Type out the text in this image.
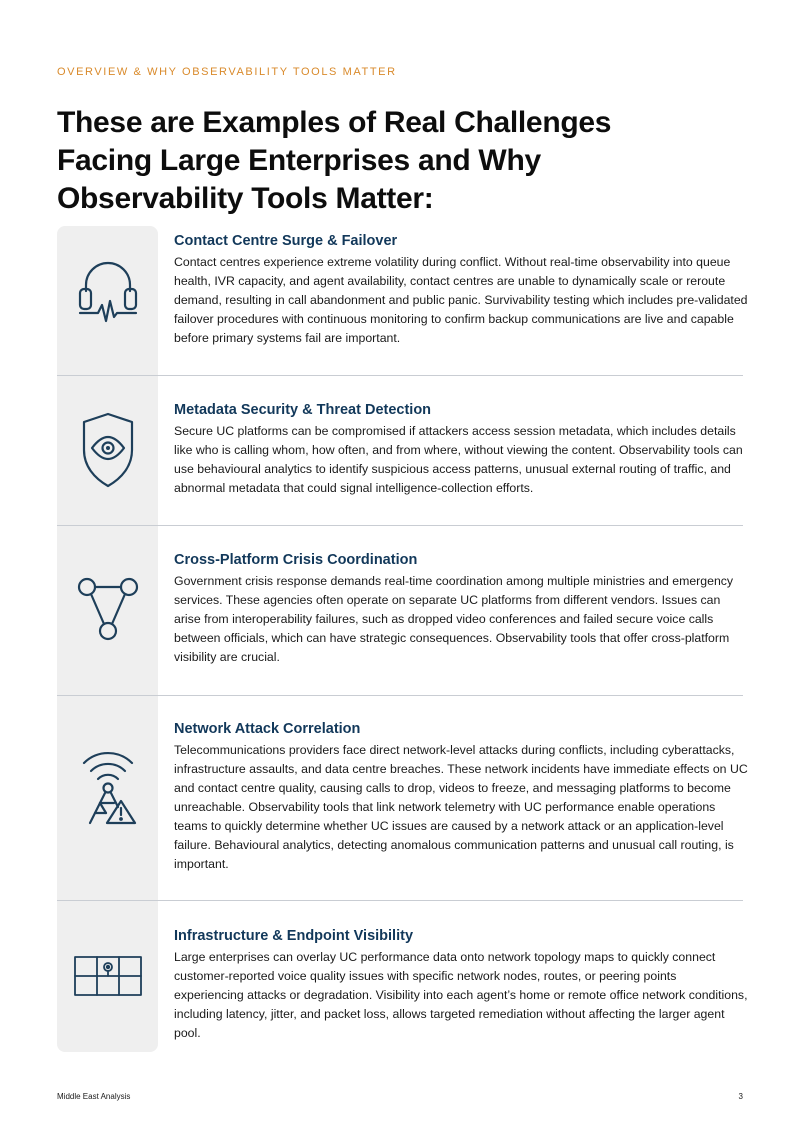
OVERVIEW & WHY OBSERVABILITY TOOLS MATTER
These are Examples of Real Challenges Facing Large Enterprises and Why Observability Tools Matter:
Contact Centre Surge & Failover

Contact centres experience extreme volatility during conflict. Without real-time observability into queue health, IVR capacity, and agent availability, contact centres are unable to dynamically scale or reroute demand, resulting in call abandonment and public panic. Survivability testing which includes pre-validated failover procedures with continuous monitoring to confirm backup communications are live and capable before primary systems fail are important.

Metadata Security & Threat Detection

Secure UC platforms can be compromised if attackers access session metadata, which includes details like who is calling whom, how often, and from where, without viewing the content. Observability tools can use behavioural analytics to identify suspicious access patterns, unusual external routing of traffic, and abnormal metadata that could signal intelligence-collection efforts.

Cross-Platform Crisis Coordination

Government crisis response demands real-time coordination among multiple ministries and emergency services. These agencies often operate on separate UC platforms from different vendors. Issues can arise from interoperability failures, such as dropped video conferences and failed secure voice calls between officials, which can have strategic consequences. Observability tools that offer cross-platform visibility are crucial.

Network Attack Correlation

Telecommunications providers face direct network-level attacks during conflicts, including cyberattacks, infrastructure assaults, and data centre breaches. These network incidents have immediate effects on UC and contact centre quality, causing calls to drop, videos to freeze, and messaging platforms to become unreachable. Observability tools that link network telemetry with UC performance enable operations teams to quickly determine whether UC issues are caused by a network attack or an application-level failure. Behavioural analytics, detecting anomalous communication patterns and unusual call routing, is important.

Infrastructure & Endpoint Visibility

Large enterprises can overlay UC performance data onto network topology maps to quickly connect customer-reported voice quality issues with specific network nodes, routes, or peering points experiencing attacks or degradation. Visibility into each agent’s home or remote office network conditions, including latency, jitter, and packet loss, allows targeted remediation without affecting the larger agent pool.

Middle East Analysis	3
